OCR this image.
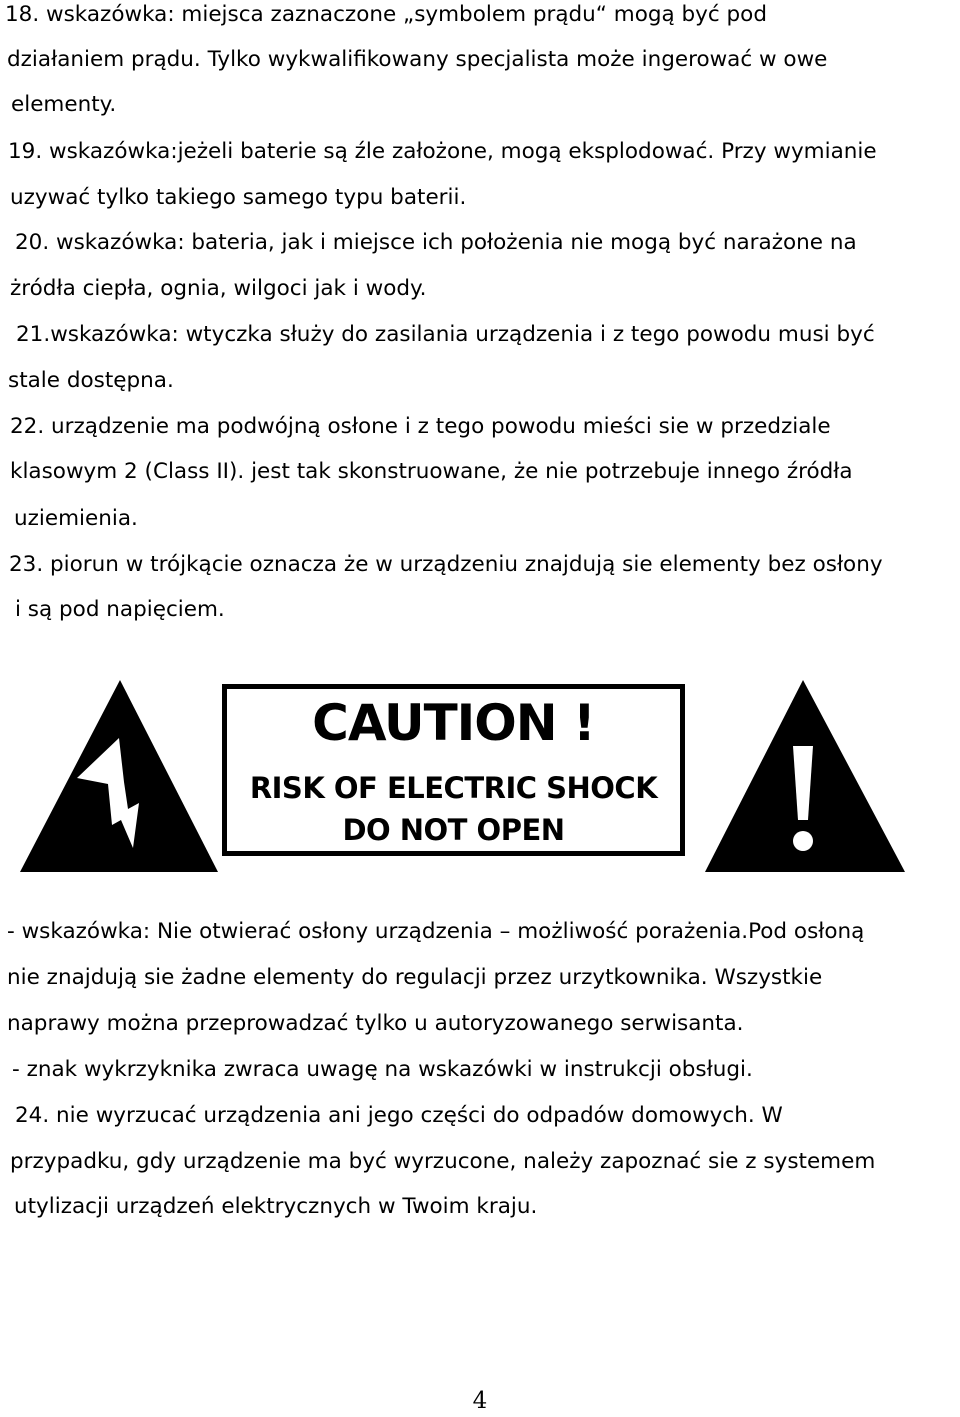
18. wskazówka: miejsca zaznaczone „symbolem prądu“ mogą być pod
działaniem prądu. Tylko wykwalifikowany specjalista może ingerować w owe
elementy.
19. wskazówka:jeżeli baterie są źle założone, mogą eksplodować. Przy wymianie
uzywać tylko takiego samego typu baterii.
20. wskazówka: bateria, jak i miejsce ich położenia nie mogą być narażone na
żródła ciepła, ognia, wilgoci jak i wody.
21.wskazówka: wtyczka służy do zasilania urządzenia i z tego powodu musi być
stale dostępna.
22. urządzenie ma podwójną osłone i z tego powodu mieści sie w przedziale
klasowym 2 (Class II). jest tak skonstruowane, że nie potrzebuje innego źródła
uziemienia.
23. piorun w trójkącie oznacza że w urządzeniu znajdują sie elementy bez osłony
i są pod napięciem.
CAUTION !
RISK OF ELECTRIC SHOCK
DO NOT OPEN
- wskazówka: Nie otwierać osłony urządzenia – możliwość porażenia.Pod osłoną
nie znajdują sie żadne elementy do regulacji przez urzytkownika. Wszystkie
naprawy można przeprowadzać tylko u autoryzowanego serwisanta.
- znak wykrzyknika zwraca uwagę na wskazówki w instrukcji obsługi.
24. nie wyrzucać urządzenia ani jego części do odpadów domowych. W
przypadku, gdy urządzenie ma być wyrzucone, należy zapoznać sie z systemem
utylizacji urządzeń elektrycznych w Twoim kraju.
4
